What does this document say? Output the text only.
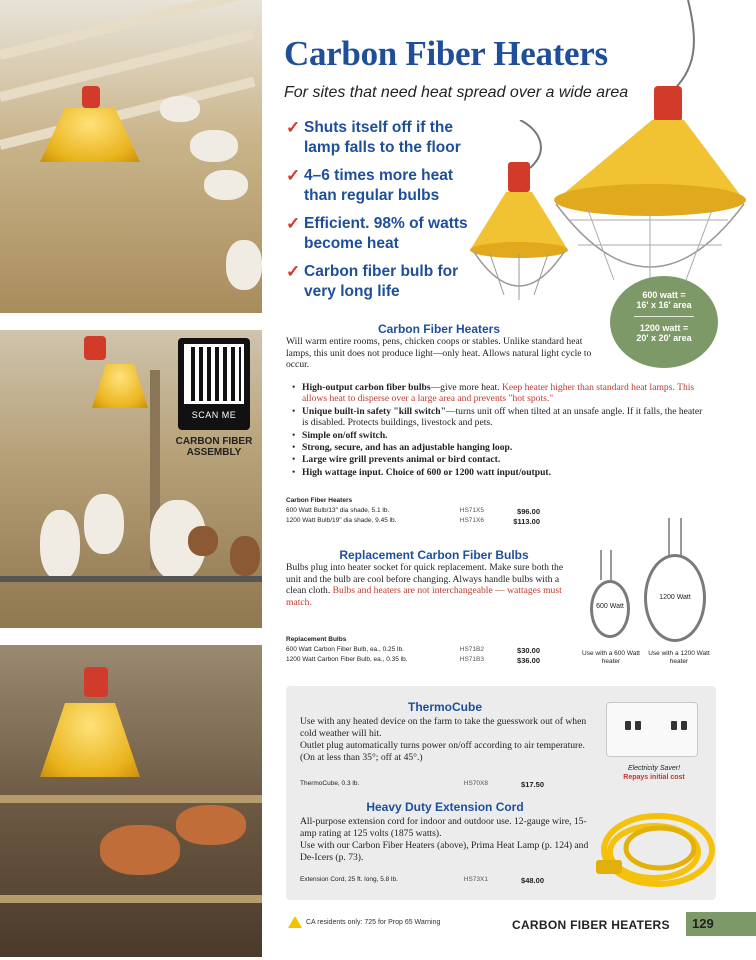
SCAN ME
CARBON FIBER ASSEMBLY
Carbon Fiber Heaters
For sites that need heat spread over a wide area
✓ Shuts itself off if the lamp falls to the floor
✓ 4–6 times more heat than regular bulbs
✓ Efficient. 98% of watts become heat
✓ Carbon fiber bulb for very long life	600 watt =
16' x 16' area
1200 watt =
20' x 20' area
Carbon Fiber Heaters
Will warm entire rooms, pens, chicken coops or stables. Unlike standard heat lamps, this unit does not produce light—only heat. Allows natural light cycle to occur.
• High-output carbon fiber bulbs—give more heat. Keep heater higher than standard heat lamps. This allows heat to disperse over a large area and prevents "hot spots."
• Unique built-in safety "kill switch"—turns unit off when tilted at an unsafe angle. If it falls, the heater is disabled. Protects buildings, livestock and pets.
• Simple on/off switch.
• Strong, secure, and has an adjustable hanging loop.
• Large wire grill prevents animal or bird contact.
• High wattage input. Choice of 600 or 1200 watt input/output.
Carbon Fiber Heaters
600 Watt Bulb/13" dia shade, 5.1 lb.	HS71X5	$96.00
1200 Watt Bulb/19" dia shade, 9.45 lb.	HS71X6	$113.00
Replacement Carbon Fiber Bulbs
Bulbs plug into heater socket for quick replacement. Make sure both the unit and the bulb are cool before changing. Always handle bulbs with a clean cloth. Bulbs and heaters are not interchangeable — wattages must match.
Replacement Bulbs
600 Watt Carbon Fiber Bulb, ea., 0.25 lb.	HS71B2	$30.00
1200 Watt Carbon Fiber Bulb, ea., 0.35 lb.	HS71B3	$36.00
600 Watt
1200 Watt
Use with a 600 Watt heater
Use with a 1200 Watt heater
ThermoCube
Use with any heated device on the farm to take the guesswork out of when cold weather will hit.
Outlet plug automatically turns power on/off according to air temperature. (On at less than 35°; off at 45°.)
ThermoCube, 0.3 lb.	HS70X8	$17.50
Electricity Saver!
Repays initial cost
Heavy Duty Extension Cord
All-purpose extension cord for indoor and outdoor use. 12-gauge wire, 15-amp rating at 125 volts (1875 watts).
Use with our Carbon Fiber Heaters (above), Prima Heat Lamp (p. 124) and De-Icers (p. 73).
Extension Cord, 25 ft. long, 5.8 lb.	HS73X1	$48.00
CA residents only: 725 for Prop 65 Warning	CARBON FIBER HEATERS	129
